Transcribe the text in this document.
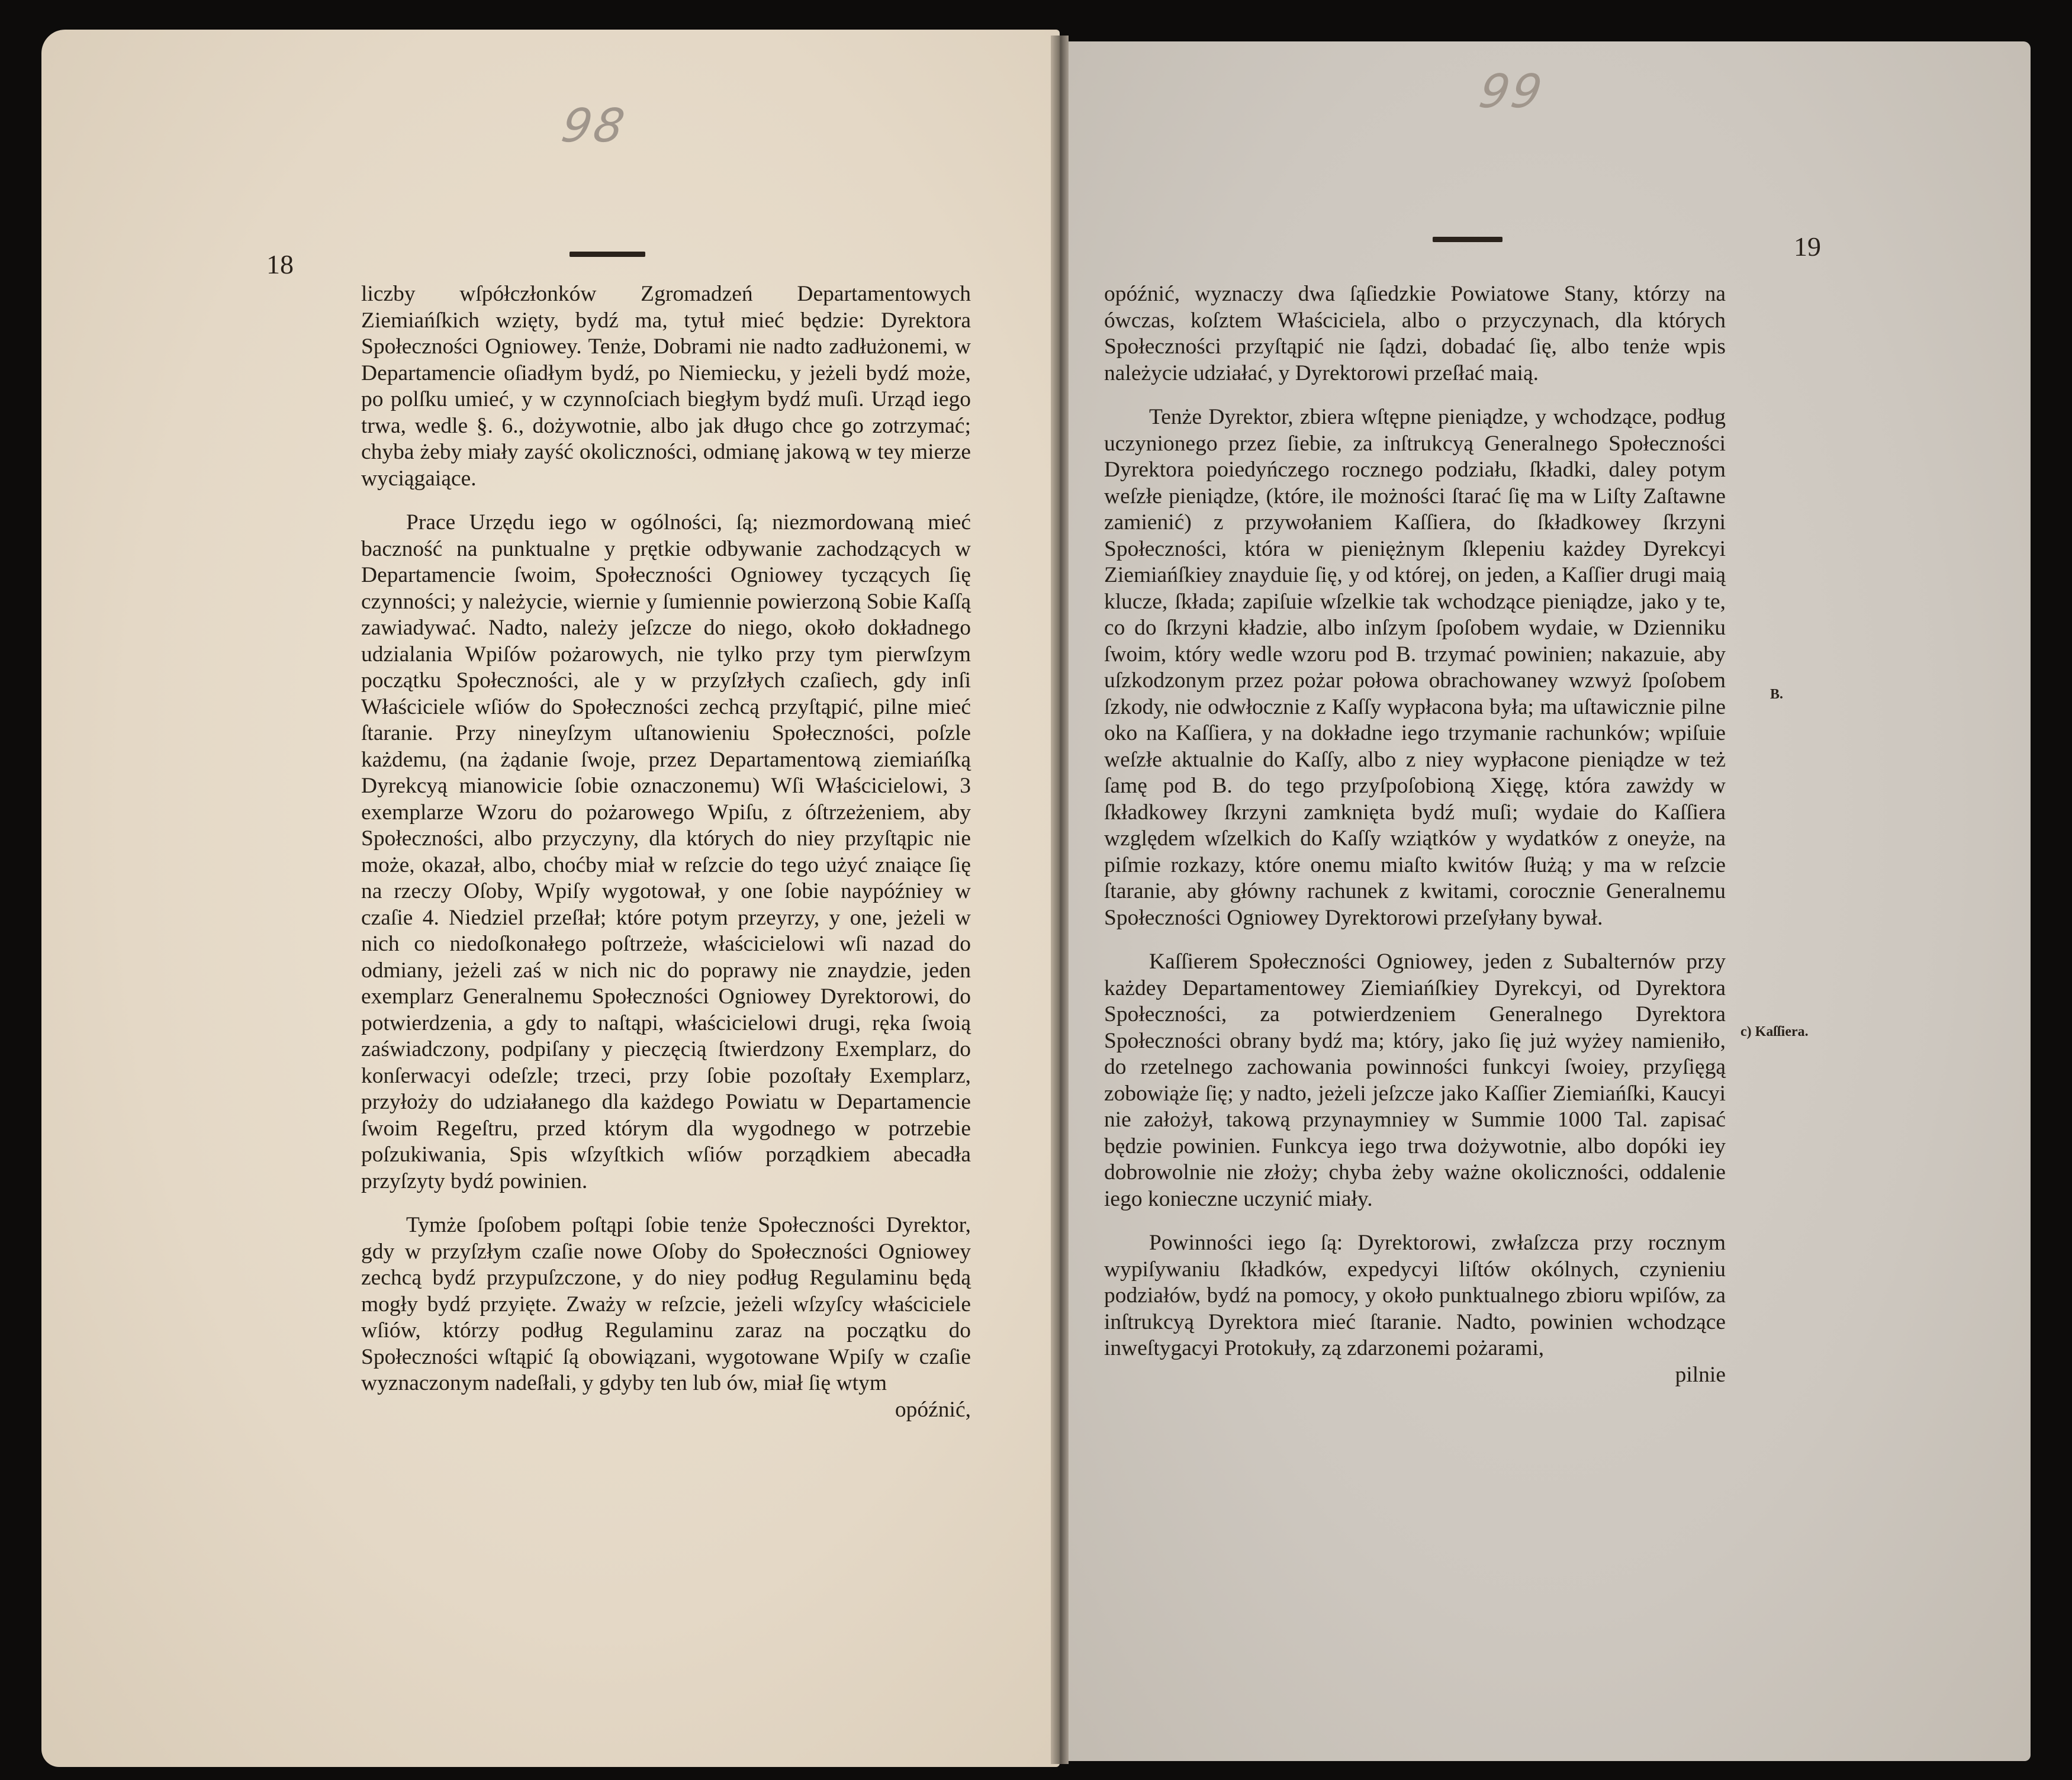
98
99
18
19

liczby wſpółczłonków Zgromadzeń Departamentowych Ziemiańſkich wzięty, bydź ma, tytuł mieć będzie: Dyrektora Społeczności Ogniowey. Tenże, Dobrami nie nadto zadłużonemi, w Departamencie oſiadłym bydź, po Niemiecku, y jeżeli bydź może, po polſku umieć, y w czynnoſciach biegłym bydź muſi. Urząd iego trwa, wedle §. 6., dożywotnie, albo jak długo chce go zotrzymać; chyba żeby miały zayść okoliczności, odmianę jakową w tey mierze wyciągaiące.

Prace Urzędu iego w ogólności, ſą; niezmordowaną mieć baczność na punktualne y prętkie odbywanie zachodzących w Departamencie ſwoim, Społeczności Ogniowey tyczących ſię czynności; y należycie, wiernie y ſumiennie powierzoną Sobie Kaſſą zawiadywać. Nadto, należy jeſzcze do niego, około dokładnego udzialania Wpiſów pożarowych, nie tylko przy tym pierwſzym początku Społeczności, ale y w przyſzłych czaſiech, gdy inſi Właściciele wſiów do Społeczności zechcą przyſtąpić, pilne mieć ſtaranie. Przy nineyſzym uſtanowieniu Społeczności, poſzle każdemu, (na żądanie ſwoje, przez Departamentową ziemiańſką Dyrekcyą mianowicie ſobie oznaczonemu) Wſi Właścicielowi, 3 exemplarze Wzoru do pożarowego Wpiſu, z óſtrzeżeniem, aby Społeczności, albo przyczyny, dla których do niey przyſtąpic nie może, okazał, albo, choćby miał w reſzcie do tego użyć znaiące ſię na rzeczy Oſoby, Wpiſy wygotował, y one ſobie naypóźniey w czaſie 4. Niedziel przeſłał; które potym przeyrzy, y one, jeżeli w nich co niedoſkonałego poſtrzeże, właścicielowi wſi nazad do odmiany, jeżeli zaś w nich nic do poprawy nie znaydzie, jeden exemplarz Generalnemu Społeczności Ogniowey Dyrektorowi, do potwierdzenia, a gdy to naſtąpi, właścicielowi drugi, ręka ſwoią zaświadczony, podpiſany y pieczęcią ſtwierdzony Exemplarz, do konſerwacyi odeſzle; trzeci, przy ſobie pozoſtały Exemplarz, przyłoży do udziałanego dla każdego Powiatu w Departamencie ſwoim Regeſtru, przed którym dla wygodnego w potrzebie poſzukiwania, Spis wſzyſtkich wſiów porządkiem abecadła przyſzyty bydź powinien.

Tymże ſpoſobem poſtąpi ſobie tenże Społeczności Dyrektor, gdy w przyſzłym czaſie nowe Oſoby do Społeczności Ogniowey zechcą bydź przypuſzczone, y do niey podług Regulaminu będą mogły bydź przyięte. Zważy w reſzcie, jeżeli wſzyſcy właściciele wſiów, którzy podług Regulaminu zaraz na początku do Społeczności wſtąpić ſą obowiązani, wygotowane Wpiſy w czaſie wyznaczonym nadeſłali, y gdyby ten lub ów, miał ſię wtym

opóźnić,

opóźnić, wyznaczy dwa ſąſiedzkie Powiatowe Stany, którzy na ówczas, koſztem Właściciela, albo o przyczynach, dla których Społeczności przyſtąpić nie ſądzi, dobadać ſię, albo tenże wpis należycie udziałać, y Dyrektorowi przeſłać maią.

Tenże Dyrektor, zbiera wſtępne pieniądze, y wchodzące, podług uczynionego przez ſiebie, za inſtrukcyą Generalnego Społeczności Dyrektora poiedyńczego rocznego podziału, ſkładki, daley potym weſzłe pieniądze, (które, ile możności ſtarać ſię ma w Liſty Zaſtawne zamienić) z przywołaniem Kaſſiera, do ſkładkowey ſkrzyni Społeczności, która w pieniężnym ſklepeniu każdey Dyrekcyi Ziemiańſkiey znayduie ſię, y od której, on jeden, a Kaſſier drugi maią klucze, ſkłada; zapiſuie wſzelkie tak wchodzące pieniądze, jako y te, co do ſkrzyni kładzie, albo inſzym ſpoſobem wydaie, w Dzienniku ſwoim, który wedle wzoru pod B. trzymać powinien; nakazuie, aby uſzkodzonym przez pożar połowa obrachowaney wzwyż ſpoſobem ſzkody, nie odwłocznie z Kaſſy wypłacona była; ma uſtawicznie pilne oko na Kaſſiera, y na dokładne iego trzymanie rachunków; wpiſuie weſzłe aktualnie do Kaſſy, albo z niey wypłacone pieniądze w też ſamę pod B. do tego przyſpoſobioną Xięgę, która zawżdy w ſkładkowey ſkrzyni zamknięta bydź muſi; wydaie do Kaſſiera względem wſzelkich do Kaſſy wziątków y wydatków z oneyże, na piſmie rozkazy, które onemu miaſto kwitów ſłużą; y ma w reſzcie ſtaranie, aby główny rachunek z kwitami, corocznie Generalnemu Społeczności Ogniowey Dyrektorowi przeſyłany bywał.

Kaſſierem Społeczności Ogniowey, jeden z Subalternów przy każdey Departamentowey Ziemiańſkiey Dyrekcyi, od Dyrektora Społeczności, za potwierdzeniem Generalnego Dyrektora Społeczności obrany bydź ma; który, jako ſię już wyżey namieniło, do rzetelnego zachowania powinności funkcyi ſwoiey, przyſięgą zobowiąże ſię; y nadto, jeżeli jeſzcze jako Kaſſier Ziemiańſki, Kaucyi nie założył, takową przynaymniey w Summie 1000 Tal. zapisać będzie powinien. Funkcya iego trwa dożywotnie, albo dopóki iey dobrowolnie nie złoży; chyba żeby ważne okoliczności, oddalenie iego konieczne uczynić miały.

Powinności iego ſą: Dyrektorowi, zwłaſzcza przy rocznym wypiſywaniu ſkładków, expedycyi liſtów okólnych, czynieniu podziałów, bydź na pomocy, y około punktualnego zbioru wpiſów, za inſtrukcyą Dyrektora mieć ſtaranie. Nadto, powinien wchodzące inweſtygacyi Protokuły, zą zdarzonemi pożarami,

pilnie

B.
c) Kaſſiera.
